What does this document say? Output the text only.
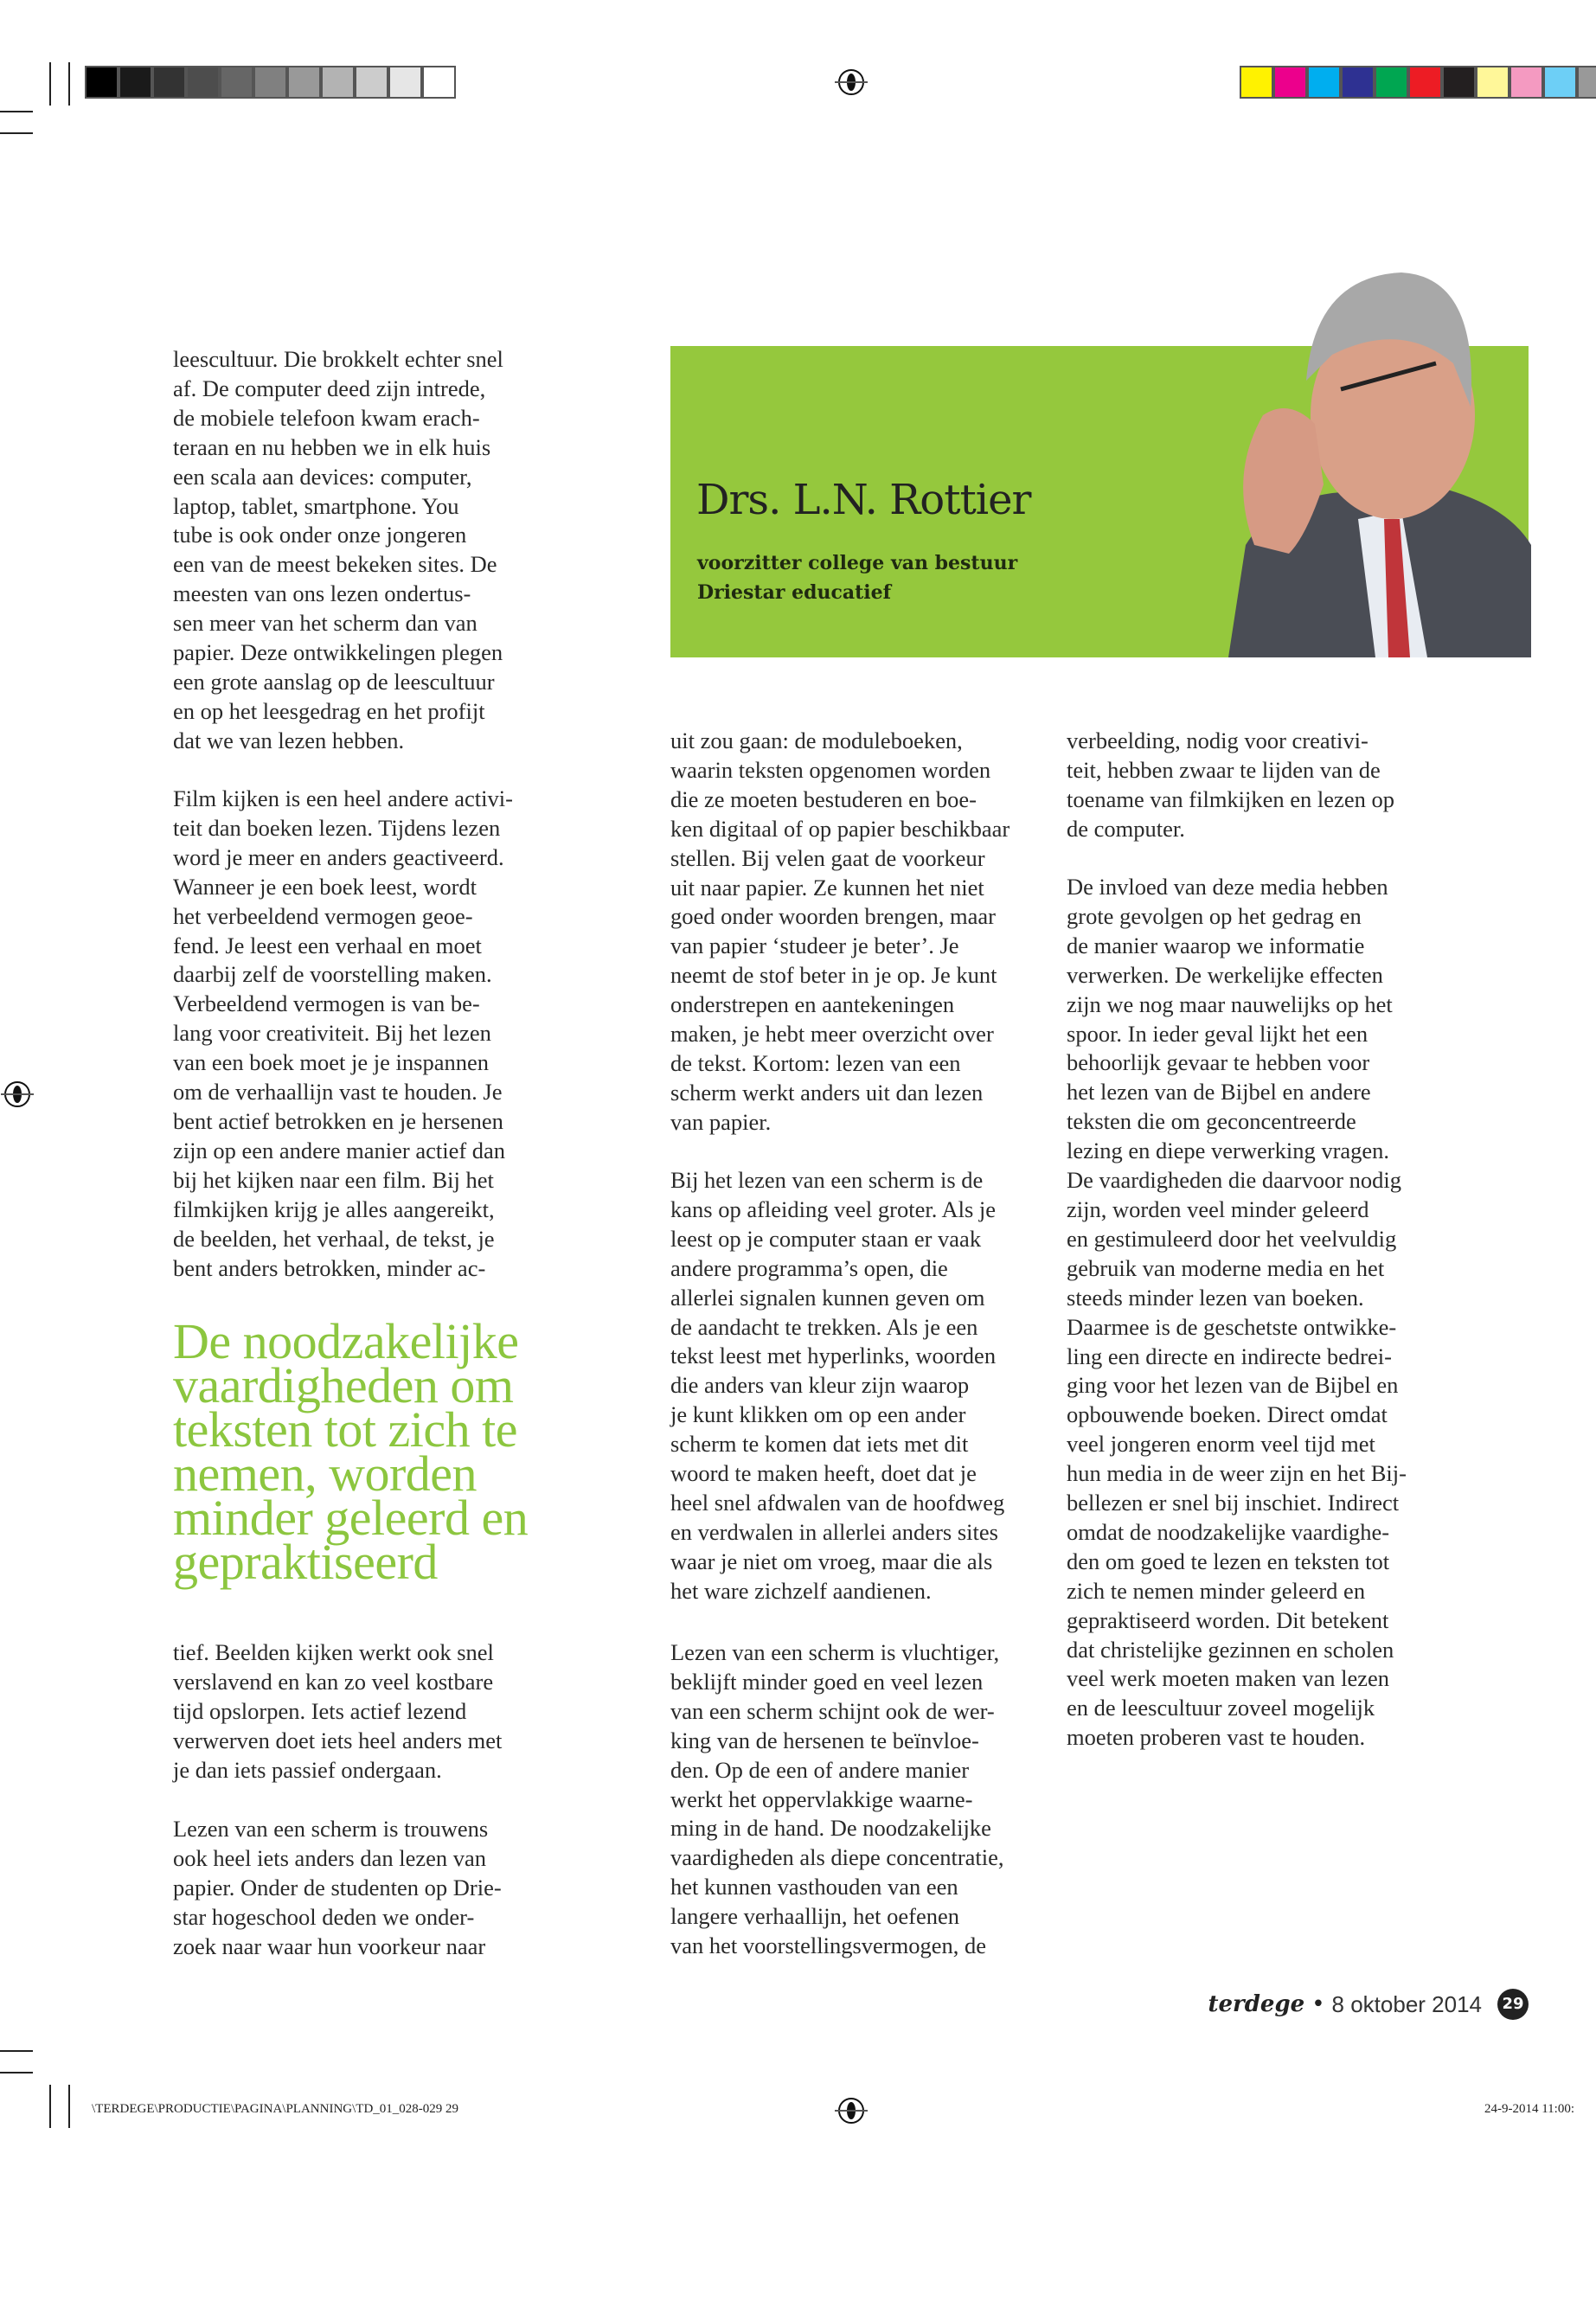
Drs. L.N. Rottier
voorzitter college van bestuur
Driestar educatief
leescultuur. Die brokkelt echter snel
af. De computer deed zijn intrede,
de mobiele telefoon kwam erach-
teraan en nu hebben we in elk huis
een scala aan devices: computer,
laptop, tablet, smartphone. You
tube is ook onder onze jongeren
een van de meest bekeken sites. De
meesten van ons lezen ondertus-
sen meer van het scherm dan van
papier. Deze ontwikkelingen plegen
een grote aanslag op de leescultuur
en op het leesgedrag en het profijt
dat we van lezen hebben.
Film kijken is een heel andere activi-
teit dan boeken lezen. Tijdens lezen
word je meer en anders geactiveerd.
Wanneer je een boek leest, wordt
het verbeeldend vermogen geoe-
fend. Je leest een verhaal en moet
daarbij zelf de voorstelling maken.
Verbeeldend vermogen is van be-
lang voor creativiteit. Bij het lezen
van een boek moet je je inspannen
om de verhaallijn vast te houden. Je
bent actief betrokken en je hersenen
zijn op een andere manier actief dan
bij het kijken naar een film. Bij het
filmkijken krijg je alles aangereikt,
de beelden, het verhaal, de tekst, je
bent anders betrokken, minder ac-
tief. Beelden kijken werkt ook snel
verslavend en kan zo veel kostbare
tijd opslorpen. Iets actief lezend
verwerven doet iets heel anders met
je dan iets passief ondergaan.
Lezen van een scherm is trouwens
ook heel iets anders dan lezen van
papier. Onder de studenten op Drie-
star hogeschool deden we onder-
zoek naar waar hun voorkeur naar
uit zou gaan: de moduleboeken,
waarin teksten opgenomen worden
die ze moeten bestuderen en boe-
ken digitaal of op papier beschikbaar
stellen. Bij velen gaat de voorkeur
uit naar papier. Ze kunnen het niet
goed onder woorden brengen, maar
van papier ‘studeer je beter’. Je
neemt de stof beter in je op. Je kunt
onderstrepen en aantekeningen
maken, je hebt meer overzicht over
de tekst. Kortom: lezen van een
scherm werkt anders uit dan lezen
van papier.
Bij het lezen van een scherm is de
kans op afleiding veel groter. Als je
leest op je computer staan er vaak
andere programma’s open, die
allerlei signalen kunnen geven om
de aandacht te trekken. Als je een
tekst leest met hyperlinks, woorden
die anders van kleur zijn waarop
je kunt klikken om op een ander
scherm te komen dat iets met dit
woord te maken heeft, doet dat je
heel snel afdwalen van de hoofdweg
en verdwalen in allerlei anders sites
waar je niet om vroeg, maar die als
het ware zichzelf aandienen.
Lezen van een scherm is vluchtiger,
beklijft minder goed en veel lezen
van een scherm schijnt ook de wer-
king van de hersenen te beïnvloe-
den. Op de een of andere manier
werkt het oppervlakkige waarne-
ming in de hand. De noodzakelijke
vaardigheden als diepe concentratie,
het kunnen vasthouden van een
langere verhaallijn, het oefenen
van het voorstellingsvermogen, de
verbeelding, nodig voor creativi-
teit, hebben zwaar te lijden van de
toename van filmkijken en lezen op
de computer.
De invloed van deze media hebben
grote gevolgen op het gedrag en
de manier waarop we informatie
verwerken. De werkelijke effecten
zijn we nog maar nauwelijks op het
spoor. In ieder geval lijkt het een
behoorlijk gevaar te hebben voor
het lezen van de Bijbel en andere
teksten die om geconcentreerde
lezing en diepe verwerking vragen.
De vaardigheden die daarvoor nodig
zijn, worden veel minder geleerd
en gestimuleerd door het veelvuldig
gebruik van moderne media en het
steeds minder lezen van boeken.
Daarmee is de geschetste ontwikke-
ling een directe en indirecte bedrei-
ging voor het lezen van de Bijbel en
opbouwende boeken. Direct omdat
veel jongeren enorm veel tijd met
hun media in de weer zijn en het Bij-
bellezen er snel bij inschiet. Indirect
omdat de noodzakelijke vaardighe-
den om goed te lezen en teksten tot
zich te nemen minder geleerd en
gepraktiseerd worden. Dit betekent
dat christelijke gezinnen en scholen
veel werk moeten maken van lezen
en de leescultuur zoveel mogelijk
moeten proberen vast te houden.
De noodzakelijke
vaardigheden om
teksten tot zich te
nemen, worden
minder geleerd en
gepraktiseerd
terdege • 8 oktober 2014	29
\TERDEGE\PRODUCTIE\PAGINA\PLANNING\TD_01_028-029 29	24-9-2014 11:00:
